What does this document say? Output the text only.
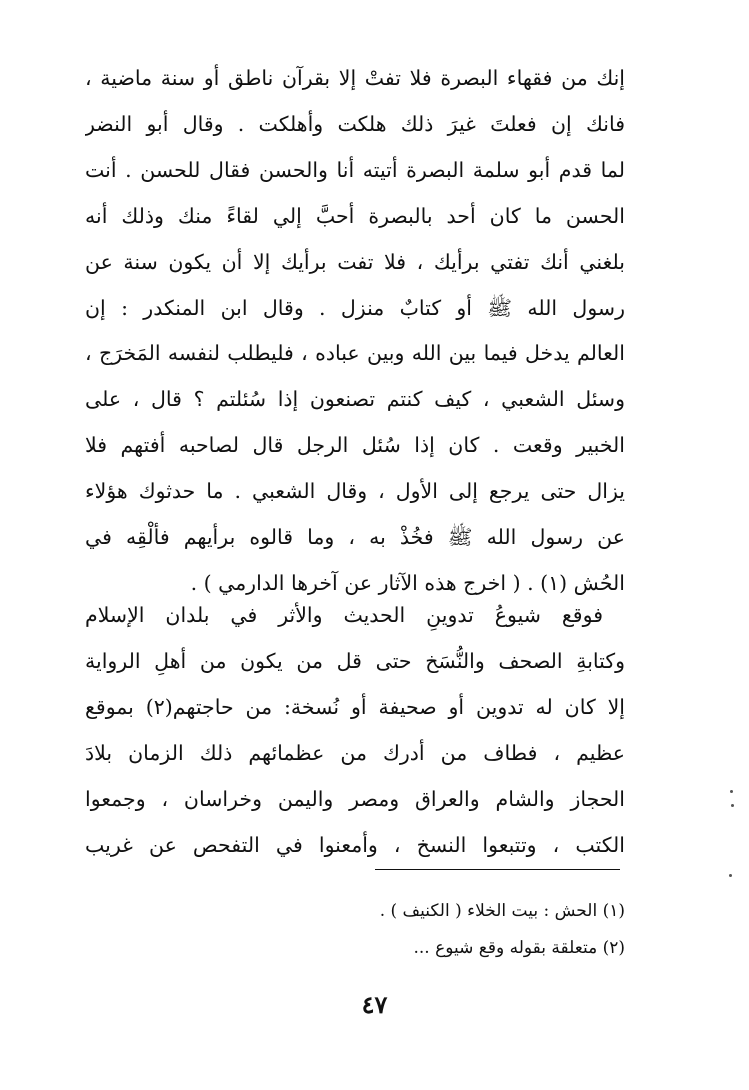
إنك من فقهاء البصرة فلا تفتْ إلا بقرآن ناطق أو سنة ماضية ،
فانك إن فعلتَ غيرَ ذلك هلكت وأهلكت . وقال أبو النضر
لما قدم أبو سلمة البصرة أتيته أنا والحسن فقال للحسن . أنت
الحسن ما كان أحد بالبصرة أحبَّ إلي لقاءً منك وذلك أنه
بلغني أنك تفتي برأيك ، فلا تفت برأيك إلا أن يكون سنة عن
رسول الله ﷺ أو كتابٌ منزل . وقال ابن المنكدر : إن
العالم يدخل فيما بين الله وبين عباده ، فليطلب لنفسه المَخرَج ،
وسئل الشعبي ، كيف كنتم تصنعون إذا سُئلتم ؟ قال ، على
الخبير وقعت . كان إذا سُئل الرجل قال لصاحبه أفتهم فلا
يزال حتى يرجع إلى الأول ، وقال الشعبي . ما حدثوك هؤلاء
عن رسول الله ﷺ فخُذْ به ، وما قالوه برأيهم فألْقِه في
الحُش (١) . ( اخرج هذه الآثار عن آخرها الدارمي ) .
فوقع شيوعُ تدوينِ الحديث والأثر في بلدان الإسلام
وكتابةِ الصحف والنُّسَخ حتى قل من يكون من أهلِ الرواية
إلا كان له تدوين أو صحيفة أو نُسخة: من حاجتهم(٢) بموقع
عظيم ، فطاف من أدرك من عظمائهم ذلك الزمان بلادَ
الحجاز والشام والعراق ومصر واليمن وخراسان ، وجمعوا
الكتب ، وتتبعوا النسخ ، وأمعنوا في التفحص عن غريب
(١) الحش : بيت الخلاء ( الكنيف ) .
(٢) متعلقة بقوله وقع شيوع ...
٤٧
